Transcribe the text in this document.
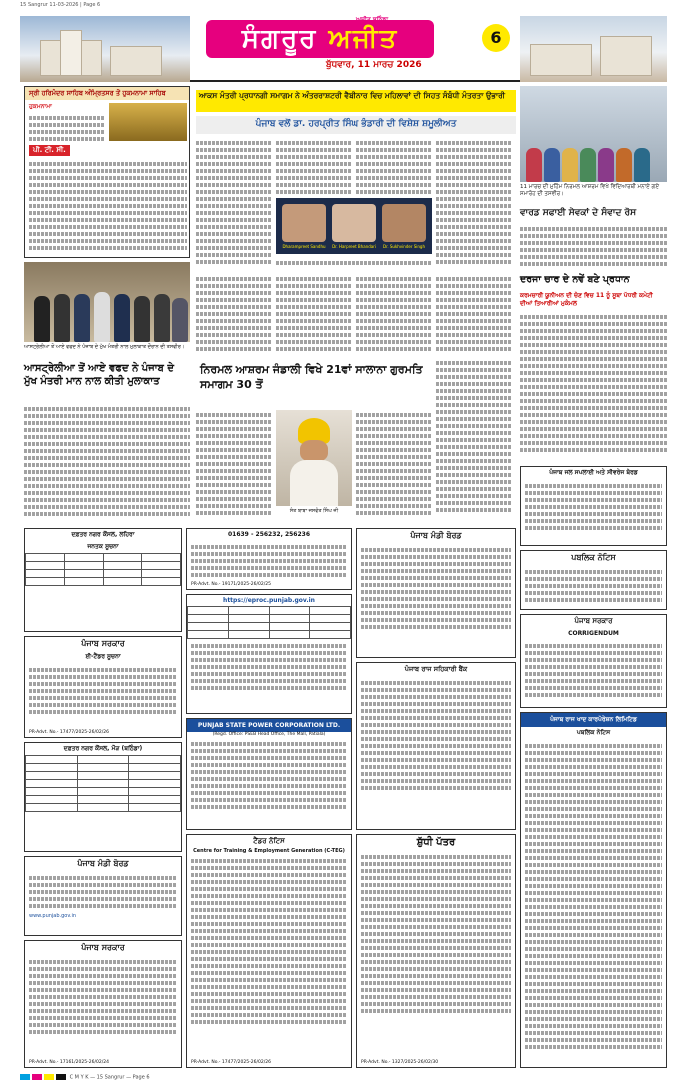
15 Sangrur 11-03-2026 | Page 6
ਸੰਗਰੂਰ ਅਜੀਤ
ਬੁੱਧਵਾਰ, 11 ਮਾਰਚ 2026
6
ਸ੍ਰੀ ਹਰਿਮੰਦਰ ਸਾਹਿਬ ਅੰਮ੍ਰਿਤਸਰ ਤੋਂ ਹੁਕਮਨਾਮਾ ਸਾਹਿਬ
ਹੁਕਮਨਾਮਾ
ਪੀ. ਟੀ. ਸੀ.
ਆਕਸ ਮੰਤਰੀ ਪ੍ਰਧਾਨਗੀ ਸਮਾਗਮ ਨੇ ਅੰਤਰਰਾਸ਼ਟਰੀ ਵੈਬੀਨਾਰ ਵਿਚ ਮਹਿਲਾਵਾਂ ਦੀ ਸਿਹਤ ਸੰਬੰਧੀ ਮੰਤਰਤਾ ਉਭਾਰੀ
ਪੰਜਾਬ ਵਲੋਂ ਡਾ. ਹਰਪ੍ਰੀਤ ਸਿੰਘ ਭੰਡਾਰੀ ਦੀ ਵਿਸ਼ੇਸ਼ ਸ਼ਮੂਲੀਅਤ
Dharampreet Sandhu	Dr. Harpreet Bhandari	Dr. Sukhvinder Singh
11 ਮਾਰਚ ਦੀ ਮੁਹਿੰਮ ਨਿਰਮਲ ਆਸ਼ਰਮ ਵਿਖੇ ਵਿਦਿਆਰਥੀ ਮਨਾਏ ਗਏ ਸਮਾਰੋਹ ਦੀ ਤਸਵੀਰ।
ਵਾਰਡ ਸਫਾਈ ਸੇਵਕਾਂ ਦੇ ਸੰਵਾਦ ਰੋਸ
ਆਸਟ੍ਰੇਲੀਆ ਤੋਂ ਆਏ ਵਫਦ ਨੇ ਪੰਜਾਬ ਦੇ ਮੁੱਖ ਮੰਤਰੀ ਨਾਲ ਮੁਲਾਕਾਤ ਦੌਰਾਨ ਦੀ ਤਸਵੀਰ।
ਆਸਟ੍ਰੇਲੀਆ ਤੋਂ ਆਏ ਵਫਦ ਨੇ ਪੰਜਾਬ ਦੇ ਮੁੱਖ ਮੰਤਰੀ ਮਾਨ ਨਾਲ ਕੀਤੀ ਮੁਲਾਕਾਤ
ਦਰਜਾ ਚਾਰ ਦੇ ਨਵੇਂ ਬਣੇ ਪ੍ਰਧਾਨ
ਕਰਮਚਾਰੀ ਯੂਨੀਅਨ ਦੀ ਚੋਣ ਵਿਚ 11 ਨੂੰ ਸੂਬਾ ਪੱਧਰੀ ਕਮੇਟੀ ਦੀਆਂ ਤਿਆਰੀਆਂ ਮੁਕੰਮਲ
ਨਿਰਮਲ ਆਸ਼ਰਮ ਜੰਡਾਲੀ ਵਿਖੇ 21ਵਾਂ ਸਾਲਾਨਾ ਗੁਰਮਤਿ ਸਮਾਗਮ 30 ਤੋਂ
ਸੰਤ ਬਾਬਾ ਜਸਵੰਤ ਸਿੰਘ ਜੀ
ਪੰਜਾਬ ਜਲ ਸਪਲਾਈ ਅਤੇ ਸੀਵਰੇਜ ਬੋਰਡ
ਪਬਲਿਕ ਨੋਟਿਸ
ਪੰਜਾਬ ਸਰਕਾਰ
CORRIGENDUM
ਪੰਜਾਬ ਰਾਜ ਖਾਦ ਕਾਰਪੋਰੇਸ਼ਨ ਲਿਮਿਟਿਡ
ਪਬਲਿਕ ਨੋਟਿਸ
01639 - 256232, 256236
PR-Advt. No.- 19171/2025-26/02/25
https://eproc.punjab.gov.in

PUNJAB STATE POWER CORPORATION LTD.
(Regd. Office: PSEB Head Office, The Mall, Patiala)
ਟੈਂਡਰ ਨੋਟਿਸ
Centre for Training & Employment Generation (C-TEG)
PR-Advt. No.- 17477/2025-26/02/26
ਪੰਜਾਬ ਮੰਡੀ ਬੋਰਡ
ਪੰਜਾਬ ਰਾਜ ਸਹਿਕਾਰੀ ਬੈਂਕ
ਸ਼ੁੱਧੀ ਪੱਤਰ
PR-Advt. No.- 1327/2025-26/02/30
ਦਫ਼ਤਰ ਨਗਰ ਕੌਂਸਲ, ਲਹਿਰਾ
ਜਨਤਕ ਸੂਚਨਾ

ਪੰਜਾਬ ਸਰਕਾਰ
ਈ-ਟੈਂਡਰ ਸੂਚਨਾ
PR-Advt. No.- 17477/2025-26/02/26
ਦਫ਼ਤਰ ਨਗਰ ਕੌਂਸਲ, ਮੌੜ (ਬਠਿੰਡਾ)

ਪੰਜਾਬ ਮੰਡੀ ਬੋਰਡ
www.punjab.gov.in
ਪੰਜਾਬ ਸਰਕਾਰ
PR-Advt. No.- 17161/2025-26/02/24
C M Y K — 15 Sangrur — Page 6
